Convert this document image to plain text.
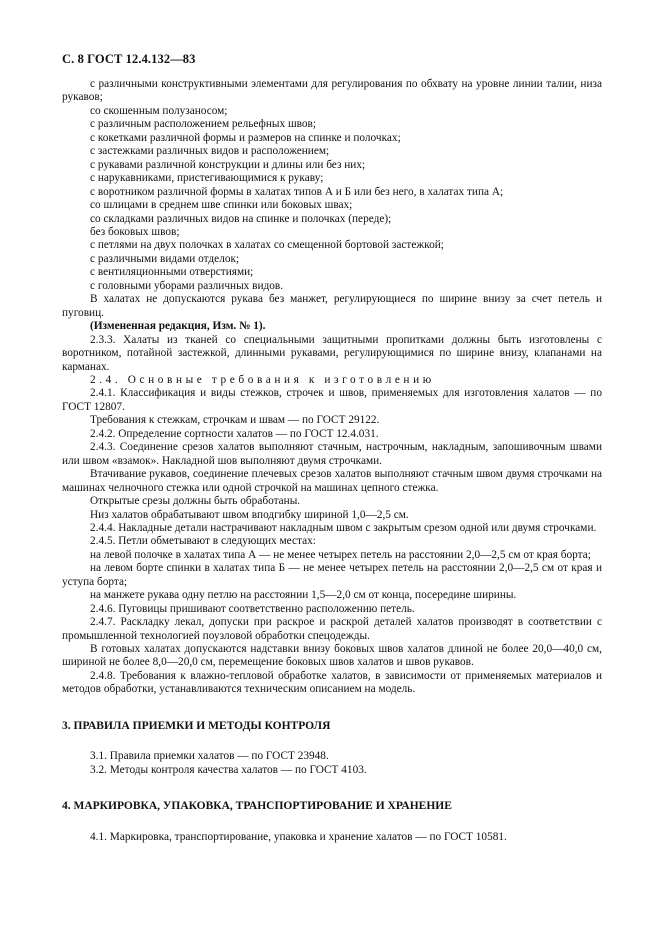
С. 8 ГОСТ 12.4.132—83

с различными конструктивными элементами для регулирования по обхвату на уровне линии талии, низа рукавов;

со скошенным полузаносом;

с различным расположением рельефных швов;

с кокетками различной формы и размеров на спинке и полочках;

с застежками различных видов и расположением;

с рукавами различной конструкции и длины или без них;

с нарукавниками, пристегивающимися к рукаву;

с воротником различной формы в халатах типов А и Б или без него, в халатах типа А;

со шлицами в среднем шве спинки или боковых швах;

со складками различных видов на спинке и полочках (переде);

без боковых швов;

с петлями на двух полочках в халатах со смещенной бортовой застежкой;

с различными видами отделок;

с вентиляционными отверстиями;

с головными уборами различных видов.

В халатах не допускаются рукава без манжет, регулирующиеся по ширине внизу за счет петель и пуговиц.

(Измененная редакция, Изм. № 1).

2.3.3. Халаты из тканей со специальными защитными пропитками должны быть изготовлены с воротником, потайной застежкой, длинными рукавами, регулирующимися по ширине внизу, клапанами на карманах.

2.4. Основные требования к изготовлению

2.4.1. Классификация и виды стежков, строчек и швов, применяемых для изготовления халатов — по ГОСТ 12807.

Требования к стежкам, строчкам и швам — по ГОСТ 29122.

2.4.2. Определение сортности халатов — по ГОСТ 12.4.031.

2.4.3. Соединение срезов халатов выполняют стачным, настрочным, накладным, запошивочным швами или швом «взамок». Накладной шов выполняют двумя строчками.

Втачивание рукавов, соединение плечевых срезов халатов выполняют стачным швом двумя строчками на машинах челночного стежка или одной строчкой на машинах цепного стежка.

Открытые срезы должны быть обработаны.

Низ халатов обрабатывают швом вподгибку шириной 1,0—2,5 см.

2.4.4. Накладные детали настрачивают накладным швом с закрытым срезом одной или двумя строчками.

2.4.5. Петли обметывают в следующих местах:

на левой полочке в халатах типа А — не менее четырех петель на расстоянии 2,0—2,5 см от края борта;

на левом борте спинки в халатах типа Б — не менее четырех петель на расстоянии 2,0—2,5 см от края и уступа борта;

на манжете рукава одну петлю на расстоянии 1,5—2,0 см от конца, посередине ширины.

2.4.6. Пуговицы пришивают соответственно расположению петель.

2.4.7. Раскладку лекал, допуски при раскрое и раскрой деталей халатов производят в соответствии с промышленной технологией поузловой обработки спецодежды.

В готовых халатах допускаются надставки внизу боковых швов халатов длиной не более 20,0—40,0 см, шириной не более 8,0—20,0 см, перемещение боковых швов халатов и швов рукавов.

2.4.8. Требования к влажно-тепловой обработке халатов, в зависимости от применяемых материалов и методов обработки, устанавливаются техническим описанием на модель.

3. ПРАВИЛА ПРИЕМКИ И МЕТОДЫ КОНТРОЛЯ

3.1. Правила приемки халатов — по ГОСТ 23948.

3.2. Методы контроля качества халатов — по ГОСТ 4103.

4. МАРКИРОВКА, УПАКОВКА, ТРАНСПОРТИРОВАНИЕ И ХРАНЕНИЕ

4.1. Маркировка, транспортирование, упаковка и хранение халатов — по ГОСТ 10581.
